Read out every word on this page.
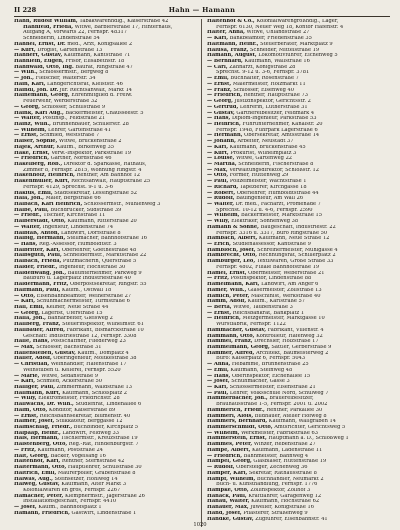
II 228	Hahn — Hamann
Hahn, Rudolf William, Tabakwarenhdlg., Kaiserstraße 42
Hahnfeld, Frieda, Witwe, Barbierstraße 17, Hinterhaus,
Aufgang A, Vorwärts 22, Fernspr. 48317
Schneiderin, Lindenstraße 54
Hähnel, Ernst, Dr. med., Arzt, Königsallee 2
— Kurt, Drogist, Gartenstraße 13
Hähnert, Gustav, Kaufmann, Kantstraße 71
Hahnlein, Eugen, Frisör, Elisabethstr. 18
Hahnwald, Otto, Ing. Baurat, Ringstraße 47
— Wilh., Schlossermstr., Bergweg 8
— Joh., Fleischer, Walterstr. 34
Hain, Karl, Landgerichtsrat, Kleiststr. 46
Haindl, Joh. Dr. jur. Rechtsanwalt, Markt 14
Hainemann, Georg, Ehrenmitglied d. Freiw.
Feuerwehr, Werderstraße 32
— Georg, Schlosser, Schulstraße 9
Haink, Karl Aug., Bäckermeister, Chausseestr. 5
— Walter, Postinsp., Feldstraße 21
Hainz, Wilh., Brunnenbauer, Schillerstr. 28
— Wilhelm, Lehrer, Gartenstraße 41
— Ernst, Schmied, Weststraße 7
Haiser, Sophie, Witwe, Brückenstraße 2
Hajek, Arthur, Kaufm., Birkenweg 35
Hake, Ernst, Verw.-Inspektor, Parkstraße 19
— Friedrich, Gärtner, Nordstraße 46
Hakelberg, Rob., Direktor d. Sparkasse, Rathaus,
Zimmer 8, Fernspr. 2815, Wohnung Ringstr. 4
Hakenholz, Heinrich, Rentner, Am Bahnhof 12
Hakenmüller, Kurt, Rechtsanwalt, Hauptstraße 25
Fernspr. 4129, Sprechst. 9-1 u. 3-6
Hakius, Emil, Stadtsekretär, Lessingstraße 52
Hala, Joh., Maler, Bergstraße 66
Halbach, Karl Heinrich, Schlossermstr., Mühlenweg 3
Halbe, Paul, Buchdrucker, Südstraße 39
— Friedr., Tischler, Kirchstraße 11
Halberstadt, Otto, Kaufmann, Ritterstraße 20
— Walter, Ingenieur, Lindenstraße 74
Halbfaß, Anton, Landwirt, Dorfstraße 8
Halbig, Hermann, Stellmacher, Bahnhofstraße 16
— Hans, Reg.-Assessor, Humboldtstr. 3
Halbritter, Karl, Oberlehrer, Goethestraße 48
Halbsguth, Paul, Schneidermstr., Marktstraße 22
Halbach, Frieda, Putzmacherin, Querstraße 5
Halder, Friedr., Ingenieur, Hochstraße 30
Haldenwang, Joh., Bauunternehmer, Parkweg 9
Baubüro u. Lagerplatz Industriestraße 40
Haldermann, Fritz, Oberpostsekretär, Ringstr. 55
Halfmann, Paul, Kaufm., Ostwall 18
— Otto, Eisenbahnbeamter, Weiherstraße 27
— Karl, Schuhmachermeister, Turmstraße 6
Hall, Emil, Kellner, Neue Straße 44
— Georg, Lagerist, Uferstraße 15
Halla, Joh., Bahnarbeiter, Gleisweg 2
Hallberg, Franz, Steuerinspektor, Wilhelmstr. 61
Hallbauer, Alfred, Fabrikant, Bismarckstraße 10
Geschäft: Industriestraße 12, Fernspr. 3308
Halle, Hans, Postschaffner, Fliederweg 23
— Max, Schlosser, Bachstraße 31
Hallensleben, Gustav, Kaufm., Domplatz 4
Haller, Adolf, Oberingenieur, Moltkestraße 38
— Christian, Weinhändler, Hafenstraße 17
Weinstuben u. Kellerei, Fernspr. 5520
— Marie, Witwe, Sedanstraße 9
— Karl, Schmied, Ackerstraße 50
Halliger, Paul, Zimmermann, Waldstraße 13
Hallmann, Kurt, Kaufmann, Schloßplatz 2
— Willy, Elektromeister, Friedrichstr. 28
Hallwachs, Dr. Wilh., Studienrat, Lindenallee 6
Halm, Otto, Konditor, Kaiserstraße 89
— Ernst, Reichsbahnsekretär, Blumenstr. 40
Halmer, Josef, Stukkateur, Berggasse 12
Halmschlag, Friedr., Buchbinder, Kirchplatz 5
Halpaap, Heinr., Landwirt, Feldweg 33
Hals, Hermann, Tischlermstr., Kreuzstraße 19
Halstenberg, Otto, Reg.-Rat, Hindenburgstr. 7
— Fritz, Kaufmann, Poststraße 24
Halt, Georg, Bäcker, Vogelsang 16
Haltenhof, Karl, Rentner, Sternstraße 42
Haltermann, Otto, Hauptlehrer, Schulstraße 30
Haltrich, Emil, Maurerpolier, Grabenstraße 8
Halwas, Aug., Steinsetzer, Hohlweg 14
Halweg, Gustav, Kaufmann, Alter Markt 3
Kolonialwaren en gros, Fernspr. 2267
Hamacher, Peter, Klempnermstr., Jägerstraße 26
Installationsgeschäft, Fernspr. 4410
— Josef, Kaufm., Bahnhofsplatz 1
Hamann, Friedrich, Gastwirt, Lindenstraße 1
Haltenhof & Co., Kolonialwarengroßhdlg., Lager,
Fernspr. 6130, Neuer Weg 18, Kontor Hafenstr. 4
Halter, Anna, Witwe, Uhlandstraße 27
— Karl, Bankbeamter, Friedenstraße 35
Haltmann, Heinr., Steuerberater, Marktplatz 9
Halusa, Franz, Schneider, Mittelstraße 19
Hamann, August, Lokomotivführer, Eichenweg 5
— Bernhard, Kaufmann, Wallstraße 16
— Carl, Zahnarzt, Königstraße 28
Sprechst. 9-12 u. 3-6, Fernspr. 3781
— Emil, Buchhalter, Rosenstraße 7
— Ernst, Malermeister, Holzmarkt 11
— Franz, Schlosser, Eisenweg 40
— Friedrich, Rentner, Hauptstraße 73
— Georg, Justizinspektor, Gerichtsstr. 2
— Gertrud, Lehrerin, Lutherstraße 31
— Gustav, Gärtnereibesitzer, Feldmark 4
— Hans, Diplom-Ingenieur, Parkstraße 53
— Heinrich, Fuhrunternehmer, Kanalstr. 20
Fernspr. 1948, Fuhrpark Lagerstraße 6
— Hermann, Obersekretär, Amtsstraße 14
— Johann, Arbeiter, Neustadt 37
— Karl, Kaufmann, Brückenstraße 45
— Kurt, Prokurist, Wilhelmplatz 3
— Louise, Witwe, Gartenweg 22
— Martha, Schneiderin, Fischerstraße 8
— Max, Verwaltungsdirektor, Schloßstr. 12
— Otto, Former, Hüttenweg 29
— Paul, Polizeimeister, Wachtstraße 1
— Richard, Tapezierer, Kirchgasse 18
— Robert, Oberlehrer, Humboldtstraße 44
— Rudolf, Bauingenieur, Am Wall 26
— Walter, Dr. med., Facharzt, Promenade 7
Sprechst. 10-12 u. 4-6, Fernspr. 2590
— Wilhelm, Bäckermeister, Marktstraße 15
— Willy, Elektriker, Sonnenweg 38
Hamann & Söhne, Baugeschäft, Industriestr. 22
Fernspr. 3316 u. 3317, Büro Ringstraße 50
Hambach, Albert, Kaufmann, Neue Straße 12
— Erich, Studienassessor, Kantstraße 9
Hambloch, Josef, Schreinermeister, Mühlgasse 4
Hambrecht, Otto, Rechnungsrat, Schillerplatz 2
Hamburger, Leo, Textilwaren, Große Straße 33
Fernspr. 4802, Filiale Bahnhofstraße 19
Hamel, Ernst, Obermeister, Weberstraße 21
— Fritz, Postinspektor, Lindenstraße 88
Hamelmann, Karl, Landwirt, Am Anger 6
Hamer, Wilh., Glasermeister, Zollstraße 13
Hamich, Peter, Maschinist, Werkstraße 40
Hamm, Adolf, Kaufm., Karlstraße 57
— Berta, Witwe, Taubenstraße 3
— Ernst, Reichsbankrat, Bankplatz 1
— Heinrich, Metzgermeister, Marktgasse 10
Wurstfabrik, Fernspr. 1122
Hammacher, Gustav, Fabrikant, Villenstr. 4
Hammann, Otto, Kontrolleur, Hafenweg 32
Hammel, Franz, Drechsler, Holzstraße 17
Hammelmann, Georg, Sattler, Gerberstraße 9
Hammer, Alfred, Architekt, Baumeisterweg 2
Büro: Kaiserplatz 6, Fernspr. 5043
— Anna, Hebamme, Brunnenstraße 25
— Emil, Kaufmann, Steinweg 48
— Hans, Oberinspektor, Eichenallee 15
— Josef, Schuhmacher, Gasse 3
— Karl, Schlossermeister, Eisenstraße 21
— Paul, Lehrer, Volksschule Nord, Schulweg 7
Hammerbacher, Joh., Brauereibesitzer,
Brauhausstraße 1-5, Fernspr. 2001 u. 2002
Hammerich, Friedr., Rentner, Parkallee 30
Hammerl, Alois, Bildhauer, Atelier Hofweg 8
Hammers, Bernhard, Kaufmann, Wallgraben 14
Hammerschmidt, Otto, Amtsrichter, Gerichtsweg 5
— Wilhelm, Werkmeister, Fabrikstraße 63
Hammerstein, Ernst, Hauptmann a. D., Schloßweg 1
Hammes, Peter, Winzer, Rebenstraße 27
Hampe, Albert, Kaufmann, Ladenstraße 11
— Friedrich, Bahnmeister, Bahnweg 4
Hampel, Georg, Glasbläser, Hüttenstraße 19
— Rudolf, Obersteiger, Zechenweg 36
Hamper, Karl, Sekretär, Rathausstraße 8
Hampf, Wilhelm, Buchhändler, Neumarkt 2
Buch- u. Kunsthandlung, Fernspr. 1776
Hampke, Otto, Zollinspektor, Zollhof 3
Hanack, Paul, Kraftfahrer, Garagenweg 12
Hanau, Walter, Kaufmann, Hochstraße 62
Hanauer, Max, Juwelier, Königstraße 16
Hand, Josef, Pflasterer, Straßenweg 9
Handke, Gustav, Zugführer, Eisenbahnstr. 41
1020
